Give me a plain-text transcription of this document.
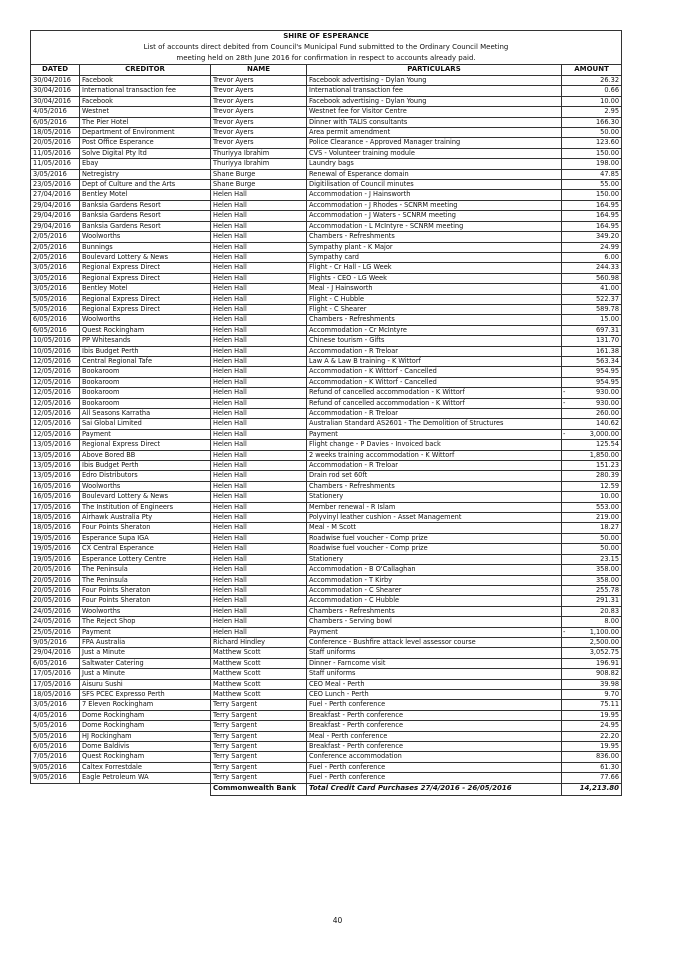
SHIRE OF ESPERANCE				
List of accounts direct debited from Council's Municipal Fund submitted to the Ordinary Council Meeting				
meeting held on 28th June 2016 for confirmation in respect to accounts already paid.				
DATED	CREDITOR	NAME	PARTICULARS	AMOUNT
30/04/2016	Facebook	Trevor Ayers	Facebook advertising - Dylan Young	26.32
30/04/2016	International transaction fee	Trevor Ayers	International transaction fee	0.66
30/04/2016	Facebook	Trevor Ayers	Facebook advertising - Dylan Young	10.00
4/05/2016	Westnet	Trevor Ayers	Westnet fee for Visitor Centre	2.95
6/05/2016	The Pier Hotel	Trevor Ayers	Dinner with TALIS consultants	166.30
18/05/2016	Department of Environment	Trevor Ayers	Area permit amendment	50.00
20/05/2016	Post Office Esperance	Trevor Ayers	Police Clearance - Approved Manager training	123.60
11/05/2016	Solve Digital Pty ltd	Thuriyya Ibrahim	CVS - Volunteer training module	150.00
11/05/2016	Ebay	Thuriyya Ibrahim	Laundry bags	198.00
3/05/2016	Netregistry	Shane Burge	Renewal of Esperance domain	47.85
23/05/2016	Dept of Culture and the Arts	Shane Burge	Digitilisation of Council minutes	55.00
27/04/2016	Bentley Motel	Helen Hall	Accommodation - J Hainsworth	150.00
29/04/2016	Banksia Gardens Resort	Helen Hall	Accommodation - J Rhodes - SCNRM meeting	164.95
29/04/2016	Banksia Gardens Resort	Helen Hall	Accommodation - J Waters - SCNRM meeting	164.95
29/04/2016	Banksia Gardens Resort	Helen Hall	Accommodation - L McIntyre - SCNRM meeting	164.95
2/05/2016	Woolworths	Helen Hall	Chambers - Refreshments	349.20
2/05/2016	Bunnings	Helen Hall	Sympathy plant - K Major	24.99
2/05/2016	Boulevard Lottery & News	Helen Hall	Sympathy card	6.00
3/05/2016	Regional Express Direct	Helen Hall	Flight - Cr Hall - LG Week	244.33
3/05/2016	Regional Express Direct	Helen Hall	Flights - CEO - LG Week	560.98
3/05/2016	Bentley Motel	Helen Hall	Meal - J Hainsworth	41.00
5/05/2016	Regional Express Direct	Helen Hall	Flight - C Hubble	522.37
5/05/2016	Regional Express Direct	Helen Hall	Flight - C Shearer	589.78
6/05/2016	Woolworths	Helen Hall	Chambers - Refreshments	15.00
6/05/2016	Quest Rockingham	Helen Hall	Accommodation - Cr McIntyre	697.31
10/05/2016	PP Whitesands	Helen Hall	Chinese tourism - Gifts	131.70
10/05/2016	Ibis Budget Perth	Helen Hall	Accommodation - R Treloar	161.38
12/05/2016	Central Regional Tafe	Helen Hall	Law A & Law B training - K Wittorf	563.34
12/05/2016	Bookaroom	Helen Hall	Accommodation - K Wittorf - Cancelled	954.95
12/05/2016	Bookaroom	Helen Hall	Accommodation - K Wittorf - Cancelled	954.95
12/05/2016	Bookaroom	Helen Hall	Refund of cancelled accommodation - K Wittorf	- 930.00
12/05/2016	Bookaroom	Helen Hall	Refund of cancelled accommodation - K Wittorf	- 930.00
12/05/2016	All Seasons Karratha	Helen Hall	Accommodation - R Treloar	260.00
12/05/2016	Sai Global Limited	Helen Hall	Australian Standard AS2601 - The Demolition of Structures	140.62
12/05/2016	Payment	Helen Hall	Payment	- 3,000.00
13/05/2016	Regional Express Direct	Helen Hall	Flight change - P Davies - Invoiced back	125.54
13/05/2016	Above Bored BB	Helen Hall	2 weeks training accommodation - K Wittorf	1,850.00
13/05/2016	Ibis Budget Perth	Helen Hall	Accommodation - R Treloar	151.23
13/05/2016	Edro Distributors	Helen Hall	Drain rod set 60ft	280.39
16/05/2016	Woolworths	Helen Hall	Chambers - Refreshments	12.59
16/05/2016	Boulevard Lottery & News	Helen Hall	Stationery	10.00
17/05/2016	The Institution of Engineers	Helen Hall	Member renewal - R Islam	553.00
18/05/2016	Airhawk Australia Pty	Helen Hall	Polyvinyl leather cushion - Asset Management	219.00
18/05/2016	Four Points Sheraton	Helen Hall	Meal - M Scott	18.27
19/05/2016	Esperance Supa IGA	Helen Hall	Roadwise fuel voucher - Comp prize	50.00
19/05/2016	CX Central Esperance	Helen Hall	Roadwise fuel voucher - Comp prize	50.00
19/05/2016	Esperance Lottery Centre	Helen Hall	Stationery	23.15
20/05/2016	The Peninsula	Helen Hall	Accommodation - B O'Callaghan	358.00
20/05/2016	The Peninsula	Helen Hall	Accommodation - T Kirby	358.00
20/05/2016	Four Points Sheraton	Helen Hall	Accommodation - C Shearer	255.78
20/05/2016	Four Points Sheraton	Helen Hall	Accommodation - C Hubble	291.31
24/05/2016	Woolworths	Helen Hall	Chambers - Refreshments	20.83
24/05/2016	The Reject Shop	Helen Hall	Chambers - Serving bowl	8.00
25/05/2016	Payment	Helen Hall	Payment	- 1,100.00
9/05/2016	FPA Australia	Richard Hindley	Conference - Bushfire attack level assessor course	2,500.00
29/04/2016	Just a Minute	Matthew Scott	Staff uniforms	3,052.75
6/05/2016	Saltwater Catering	Matthew Scott	Dinner - Farncome visit	196.91
17/05/2016	Just a Minute	Matthew Scott	Staff uniforms	908.82
17/05/2016	Aisuru Sushi	Matthew Scott	CEO Meal - Perth	39.98
18/05/2016	SFS PCEC Expresso Perth	Matthew Scott	CEO Lunch - Perth	9.70
3/05/2016	7 Eleven Rockingham	Terry Sargent	Fuel - Perth conference	75.11
4/05/2016	Dome Rockingham	Terry Sargent	Breakfast - Perth conference	19.95
5/05/2016	Dome Rockingham	Terry Sargent	Breakfast - Perth conference	24.95
5/05/2016	HJ Rockingham	Terry Sargent	Meal - Perth conference	22.20
6/05/2016	Dome Baldivis	Terry Sargent	Breakfast - Perth conference	19.95
7/05/2016	Quest Rockingham	Terry Sargent	Conference accommodation	836.00
9/05/2016	Caltex Forrestdale	Terry Sargent	Fuel - Perth conference	61.30
9/05/2016	Eagle Petroleum WA	Terry Sargent	Fuel - Perth conference	77.66
		Commonwealth Bank	Total Credit Card Purchases 27/4/2016 - 26/05/2016	14,213.80
40
